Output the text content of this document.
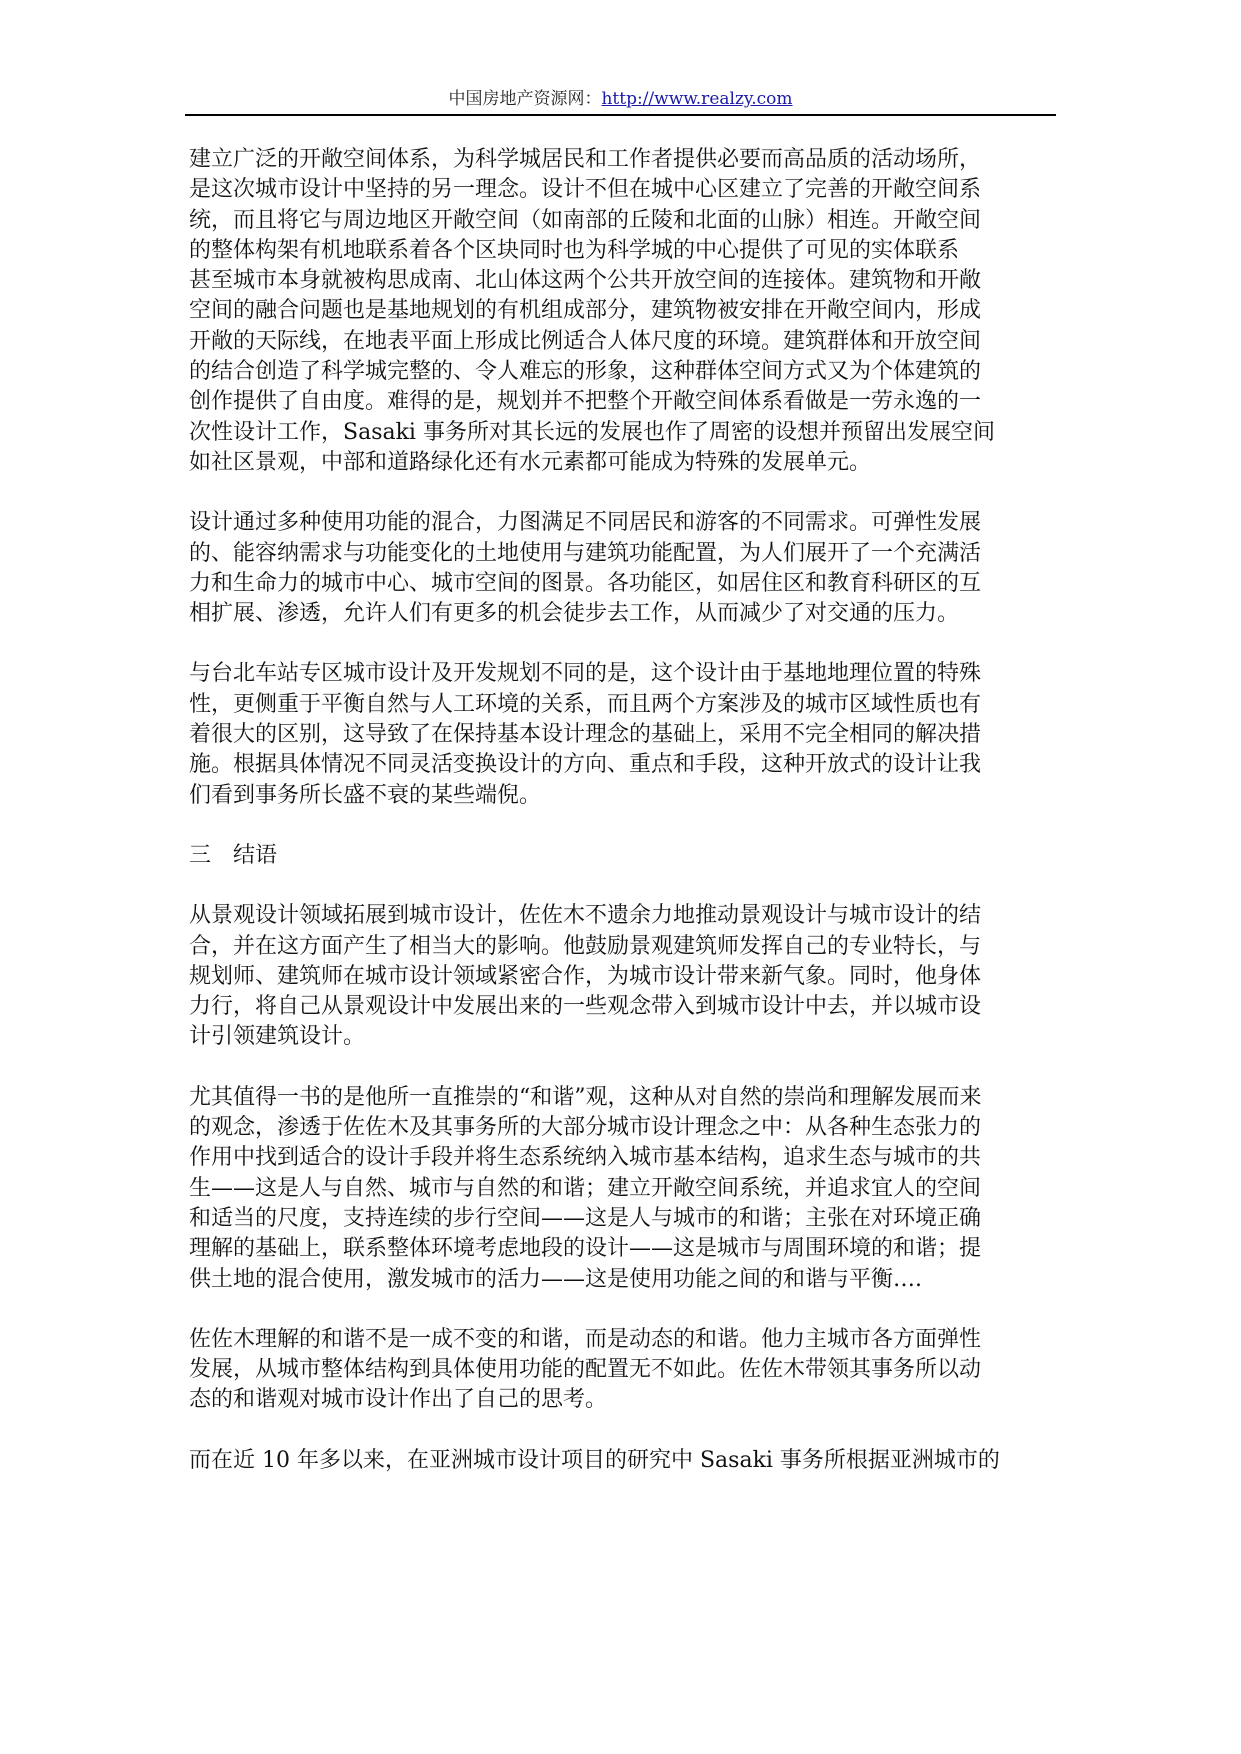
中国房地产资源网：http://www.realzy.com

建立广泛的开敞空间体系，为科学城居民和工作者提供必要而高品质的活动场所，
是这次城市设计中坚持的另一理念。设计不但在城中心区建立了完善的开敞空间系
统，而且将它与周边地区开敞空间（如南部的丘陵和北面的山脉）相连。开敞空间
的整体构架有机地联系着各个区块同时也为科学城的中心提供了可见的实体联系
甚至城市本身就被构思成南、北山体这两个公共开放空间的连接体。建筑物和开敞
空间的融合问题也是基地规划的有机组成部分，建筑物被安排在开敞空间内，形成
开敞的天际线，在地表平面上形成比例适合人体尺度的环境。建筑群体和开放空间
的结合创造了科学城完整的、令人难忘的形象，这种群体空间方式又为个体建筑的
创作提供了自由度。难得的是，规划并不把整个开敞空间体系看做是一劳永逸的一
次性设计工作，Sasaki 事务所对其长远的发展也作了周密的设想并预留出发展空间
如社区景观，中部和道路绿化还有水元素都可能成为特殊的发展单元。

设计通过多种使用功能的混合，力图满足不同居民和游客的不同需求。可弹性发展
的、能容纳需求与功能变化的土地使用与建筑功能配置，为人们展开了一个充满活
力和生命力的城市中心、城市空间的图景。各功能区，如居住区和教育科研区的互
相扩展、渗透，允许人们有更多的机会徒步去工作，从而减少了对交通的压力。

与台北车站专区城市设计及开发规划不同的是，这个设计由于基地地理位置的特殊
性，更侧重于平衡自然与人工环境的关系，而且两个方案涉及的城市区域性质也有
着很大的区别，这导致了在保持基本设计理念的基础上，采用不完全相同的解决措
施。根据具体情况不同灵活变换设计的方向、重点和手段，这种开放式的设计让我
们看到事务所长盛不衰的某些端倪。

三　结语

从景观设计领域拓展到城市设计，佐佐木不遗余力地推动景观设计与城市设计的结
合，并在这方面产生了相当大的影响。他鼓励景观建筑师发挥自己的专业特长，与
规划师、建筑师在城市设计领域紧密合作，为城市设计带来新气象。同时，他身体
力行，将自己从景观设计中发展出来的一些观念带入到城市设计中去，并以城市设
计引领建筑设计。

尤其值得一书的是他所一直推崇的“和谐”观，这种从对自然的崇尚和理解发展而来
的观念，渗透于佐佐木及其事务所的大部分城市设计理念之中：从各种生态张力的
作用中找到适合的设计手段并将生态系统纳入城市基本结构，追求生态与城市的共
生——这是人与自然、城市与自然的和谐；建立开敞空间系统，并追求宜人的空间
和适当的尺度，支持连续的步行空间——这是人与城市的和谐；主张在对环境正确
理解的基础上，联系整体环境考虑地段的设计——这是城市与周围环境的和谐；提
供土地的混合使用，激发城市的活力——这是使用功能之间的和谐与平衡….

佐佐木理解的和谐不是一成不变的和谐，而是动态的和谐。他力主城市各方面弹性
发展，从城市整体结构到具体使用功能的配置无不如此。佐佐木带领其事务所以动
态的和谐观对城市设计作出了自己的思考。

而在近 10 年多以来，在亚洲城市设计项目的研究中 Sasaki 事务所根据亚洲城市的
